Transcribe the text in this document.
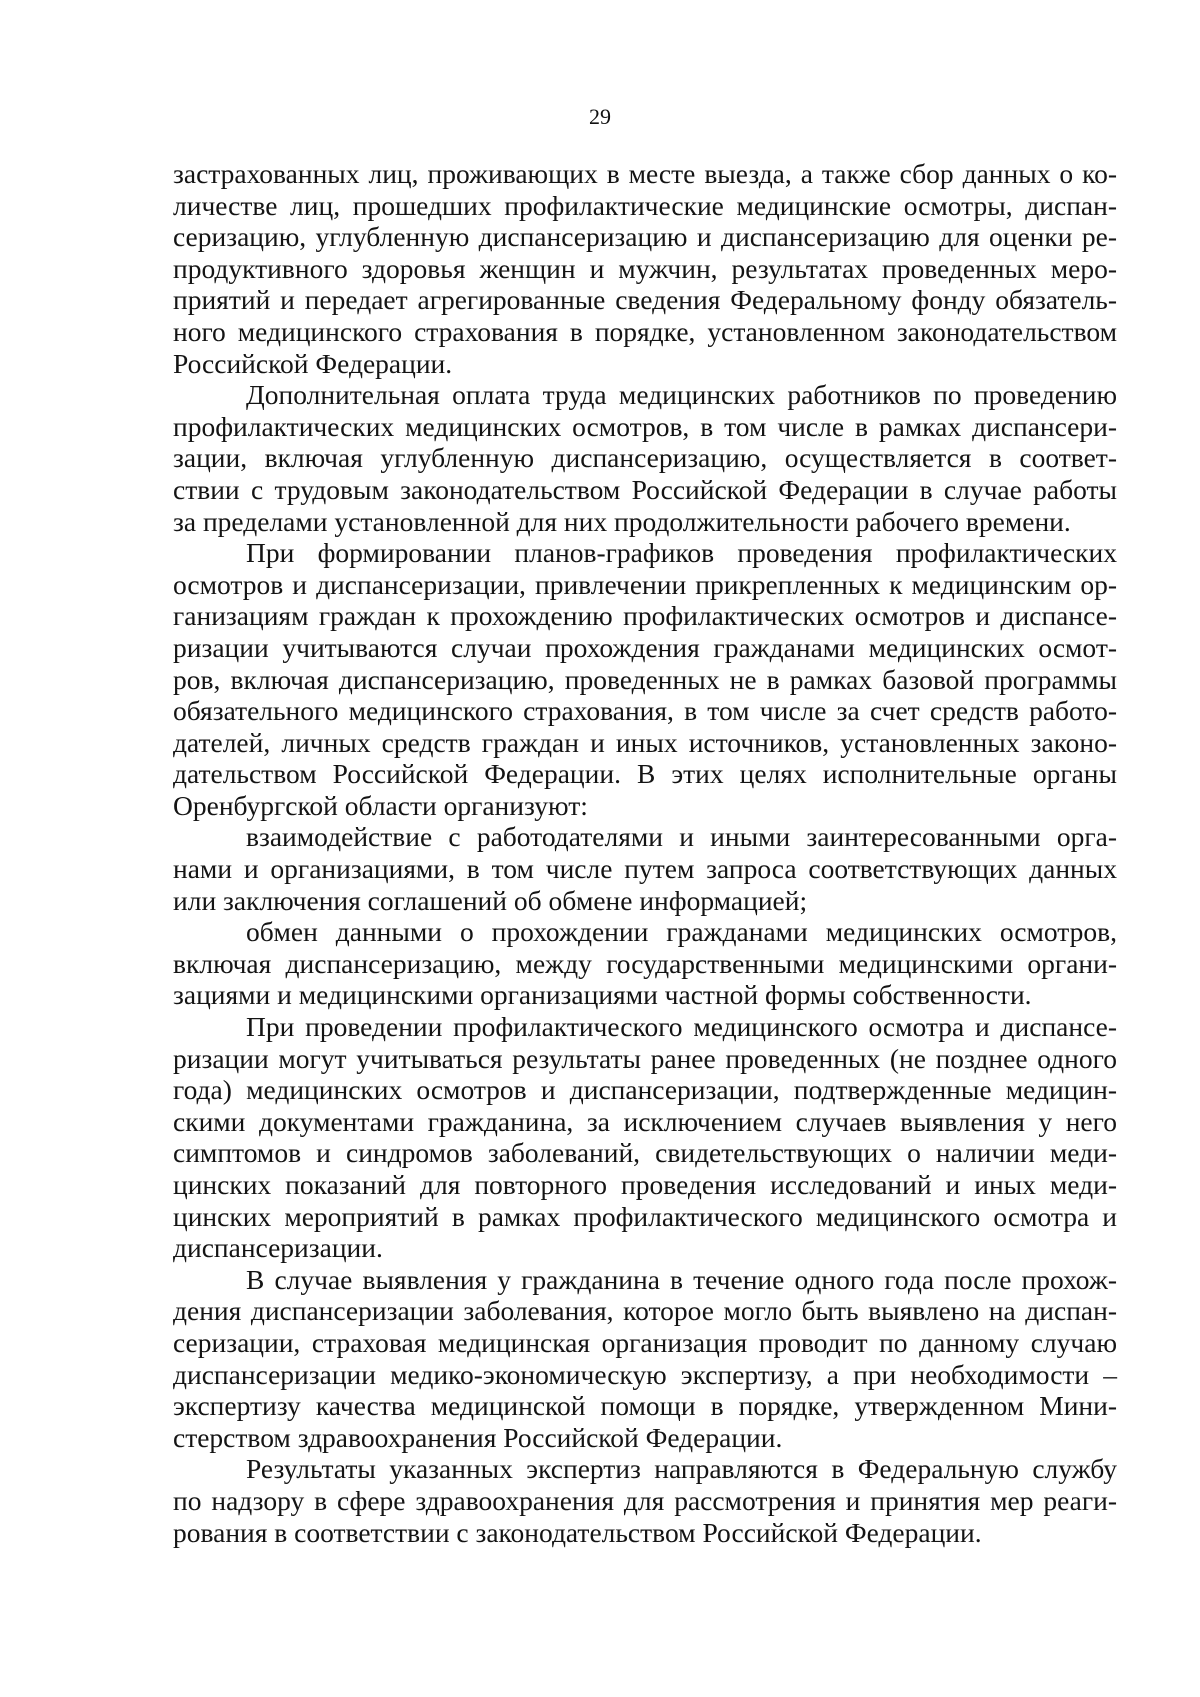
29
застрахованных лиц, проживающих в месте выезда, а также сбор данных о ко-
личестве лиц, прошедших профилактические медицинские осмотры, диспан-
серизацию, углубленную диспансеризацию и диспансеризацию для оценки ре-
продуктивного здоровья женщин и мужчин, результатах проведенных меро-
приятий и передает агрегированные сведения Федеральному фонду обязатель-
ного медицинского страхования в порядке, установленном законодательством
Российской Федерации.
Дополнительная оплата труда медицинских работников по проведению
профилактических медицинских осмотров, в том числе в рамках диспансери-
зации, включая углубленную диспансеризацию, осуществляется в соответ-
ствии с трудовым законодательством Российской Федерации в случае работы
за пределами установленной для них продолжительности рабочего времени.
При формировании планов-графиков проведения профилактических
осмотров и диспансеризации, привлечении прикрепленных к медицинским ор-
ганизациям граждан к прохождению профилактических осмотров и диспансе-
ризации учитываются случаи прохождения гражданами медицинских осмот-
ров, включая диспансеризацию, проведенных не в рамках базовой программы
обязательного медицинского страхования, в том числе за счет средств работо-
дателей, личных средств граждан и иных источников, установленных законо-
дательством Российской Федерации. В этих целях исполнительные органы
Оренбургской области организуют:
взаимодействие с работодателями и иными заинтересованными орга-
нами и организациями, в том числе путем запроса соответствующих данных
или заключения соглашений об обмене информацией;
обмен данными о прохождении гражданами медицинских осмотров,
включая диспансеризацию, между государственными медицинскими органи-
зациями и медицинскими организациями частной формы собственности.
При проведении профилактического медицинского осмотра и диспансе-
ризации могут учитываться результаты ранее проведенных (не позднее одного
года) медицинских осмотров и диспансеризации, подтвержденные медицин-
скими документами гражданина, за исключением случаев выявления у него
симптомов и синдромов заболеваний, свидетельствующих о наличии меди-
цинских показаний для повторного проведения исследований и иных меди-
цинских мероприятий в рамках профилактического медицинского осмотра и
диспансеризации.
В случае выявления у гражданина в течение одного года после прохож-
дения диспансеризации заболевания, которое могло быть выявлено на диспан-
серизации, страховая медицинская организация проводит по данному случаю
диспансеризации медико-экономическую экспертизу, а при необходимости –
экспертизу качества медицинской помощи в порядке, утвержденном Мини-
стерством здравоохранения Российской Федерации.
Результаты указанных экспертиз направляются в Федеральную службу
по надзору в сфере здравоохранения для рассмотрения и принятия мер реаги-
рования в соответствии с законодательством Российской Федерации.
